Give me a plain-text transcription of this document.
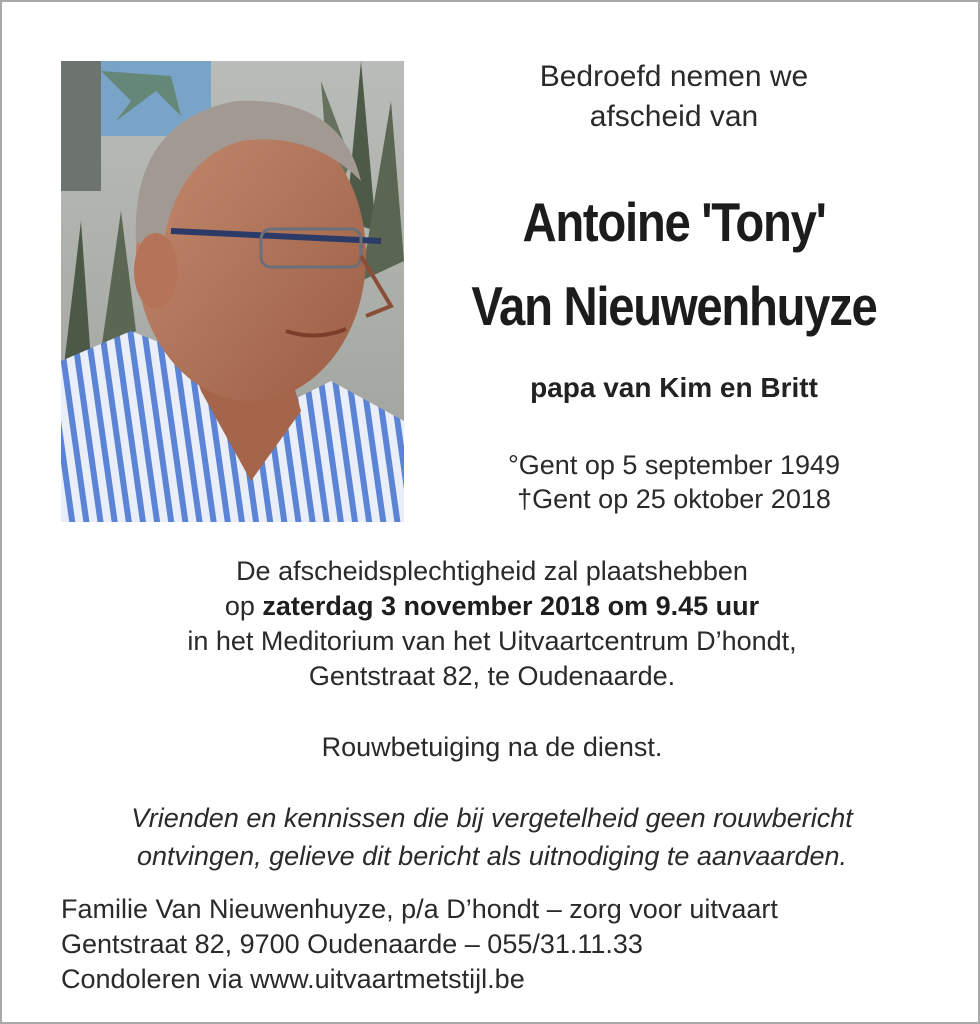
Bedroefd nemen we
afscheid van
Antoine 'Tony'
Van Nieuwenhuyze
papa van Kim en Britt
°Gent op 5 september 1949
†Gent op 25 oktober 2018
De afscheidsplechtigheid zal plaatshebben
op zaterdag 3 november 2018 om 9.45 uur
in het Meditorium van het Uitvaartcentrum D’hondt,
Gentstraat 82, te Oudenaarde.
Rouwbetuiging na de dienst.
Vrienden en kennissen die bij vergetelheid geen rouwbericht
ontvingen, gelieve dit bericht als uitnodiging te aanvaarden.
Familie Van Nieuwenhuyze, p/a D’hondt – zorg voor uitvaart
Gentstraat 82, 9700 Oudenaarde – 055/31.11.33
Condoleren via www.uitvaartmetstijl.be
